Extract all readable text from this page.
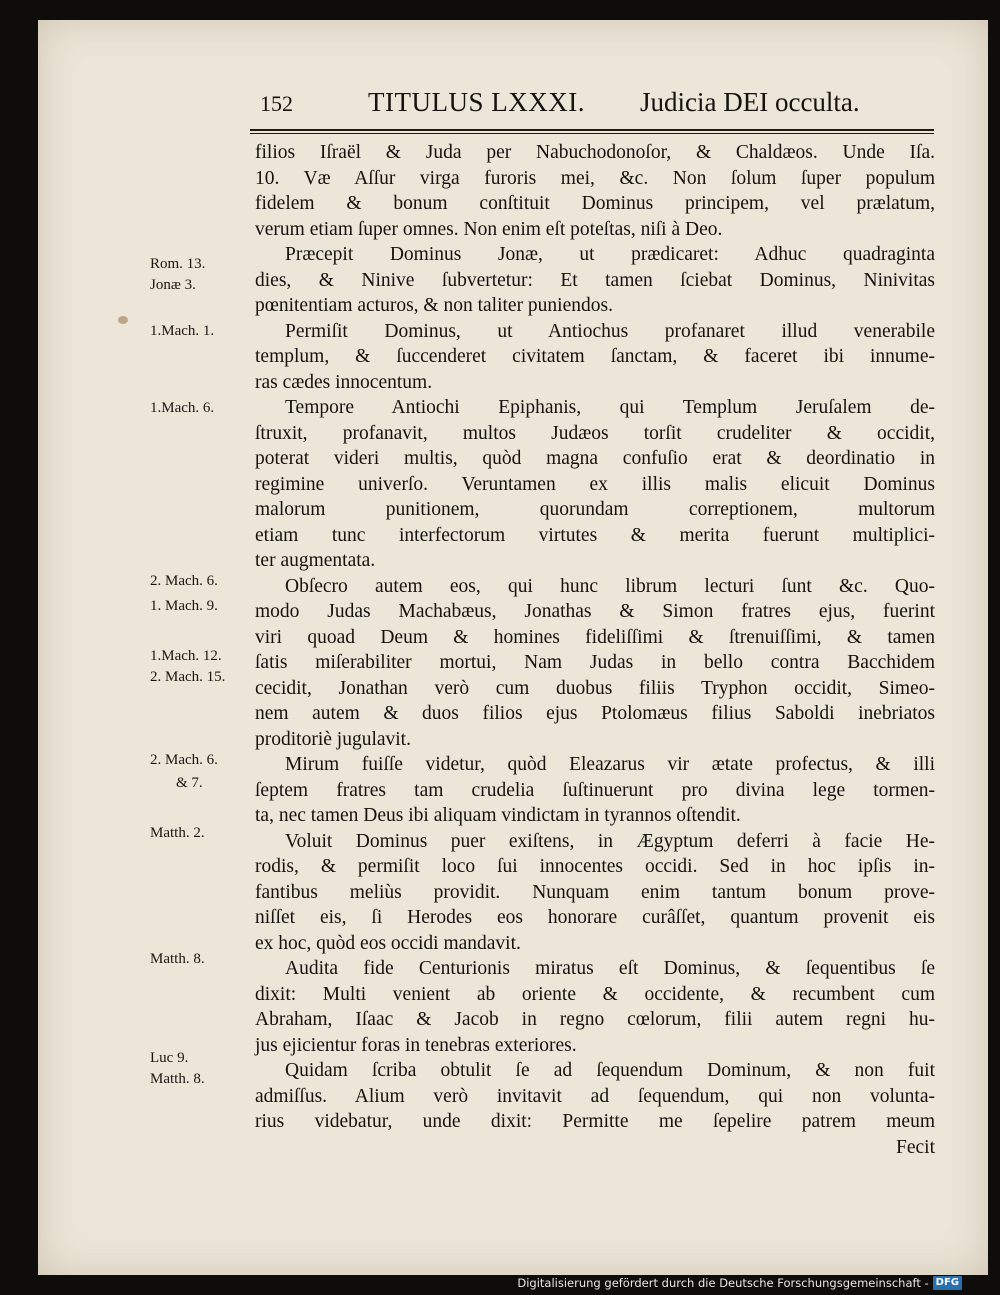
152	TITULUS LXXXI. Judicia DEI occulta.
filios Iſraël & Juda per Nabuchodonoſor, & Chaldæos. Unde Iſa.
10. Væ Aſſur virga furoris mei, &c. Non ſolum ſuper populum
fidelem & bonum conſtituit Dominus principem, vel prælatum,
verum etiam ſuper omnes. Non enim eſt poteſtas, niſi à Deo.
Præcepit Dominus Jonæ, ut prædicaret: Adhuc quadraginta
dies, & Ninive ſubvertetur: Et tamen ſciebat Dominus, Ninivitas
pœnitentiam acturos, & non taliter puniendos.
Permiſit Dominus, ut Antiochus profanaret illud venerabile
templum, & ſuccenderet civitatem ſanctam, & faceret ibi innume-
ras cædes innocentum.
Tempore Antiochi Epiphanis, qui Templum Jeruſalem de-
ſtruxit, profanavit, multos Judæos torſit crudeliter & occidit,
poterat videri multis, quòd magna confuſio erat & deordinatio in
regimine univerſo. Veruntamen ex illis malis elicuit Dominus
malorum punitionem, quorundam correptionem, multorum
etiam tunc interfectorum virtutes & merita fuerunt multiplici-
ter augmentata.
Obſecro autem eos, qui hunc librum lecturi ſunt &c. Quo-
modo Judas Machabæus, Jonathas & Simon fratres ejus, fuerint
viri quoad Deum & homines fideliſſimi & ſtrenuiſſimi, & tamen
ſatis miſerabiliter mortui, Nam Judas in bello contra Bacchidem
cecidit, Jonathan verò cum duobus filiis Tryphon occidit, Simeo-
nem autem & duos filios ejus Ptolomæus filius Saboldi inebriatos
proditoriè jugulavit.
Mirum fuiſſe videtur, quòd Eleazarus vir ætate profectus, & illi
ſeptem fratres tam crudelia ſuſtinuerunt pro divina lege tormen-
ta, nec tamen Deus ibi aliquam vindictam in tyrannos oſtendit.
Voluit Dominus puer exiſtens, in Ægyptum deferri à facie He-
rodis, & permiſit loco ſui innocentes occidi. Sed in hoc ipſis in-
fantibus meliùs providit. Nunquam enim tantum bonum prove-
niſſet eis, ſi Herodes eos honorare curâſſet, quantum provenit eis
ex hoc, quòd eos occidi mandavit.
Audita fide Centurionis miratus eſt Dominus, & ſequentibus ſe
dixit: Multi venient ab oriente & occidente, & recumbent cum
Abraham, Iſaac & Jacob in regno cœlorum, filii autem regni hu-
jus ejicientur foras in tenebras exteriores.
Quidam ſcriba obtulit ſe ad ſequendum Dominum, & non fuit
admiſſus. Alium verò invitavit ad ſequendum, qui non volunta-
rius videbatur, unde dixit: Permitte me ſepelire patrem meum
Fecit
Rom. 13.
Jonæ 3.
1.Mach. 1.
1.Mach. 6.
2. Mach. 6.
1. Mach. 9.
1.Mach. 12.
2. Mach. 15.
2. Mach. 6.
& 7.
Matth. 2.
Matth. 8.
Luc 9.
Matth. 8.
Digitalisierung gefördert durch die Deutsche Forschungsgemeinschaft - DFG
